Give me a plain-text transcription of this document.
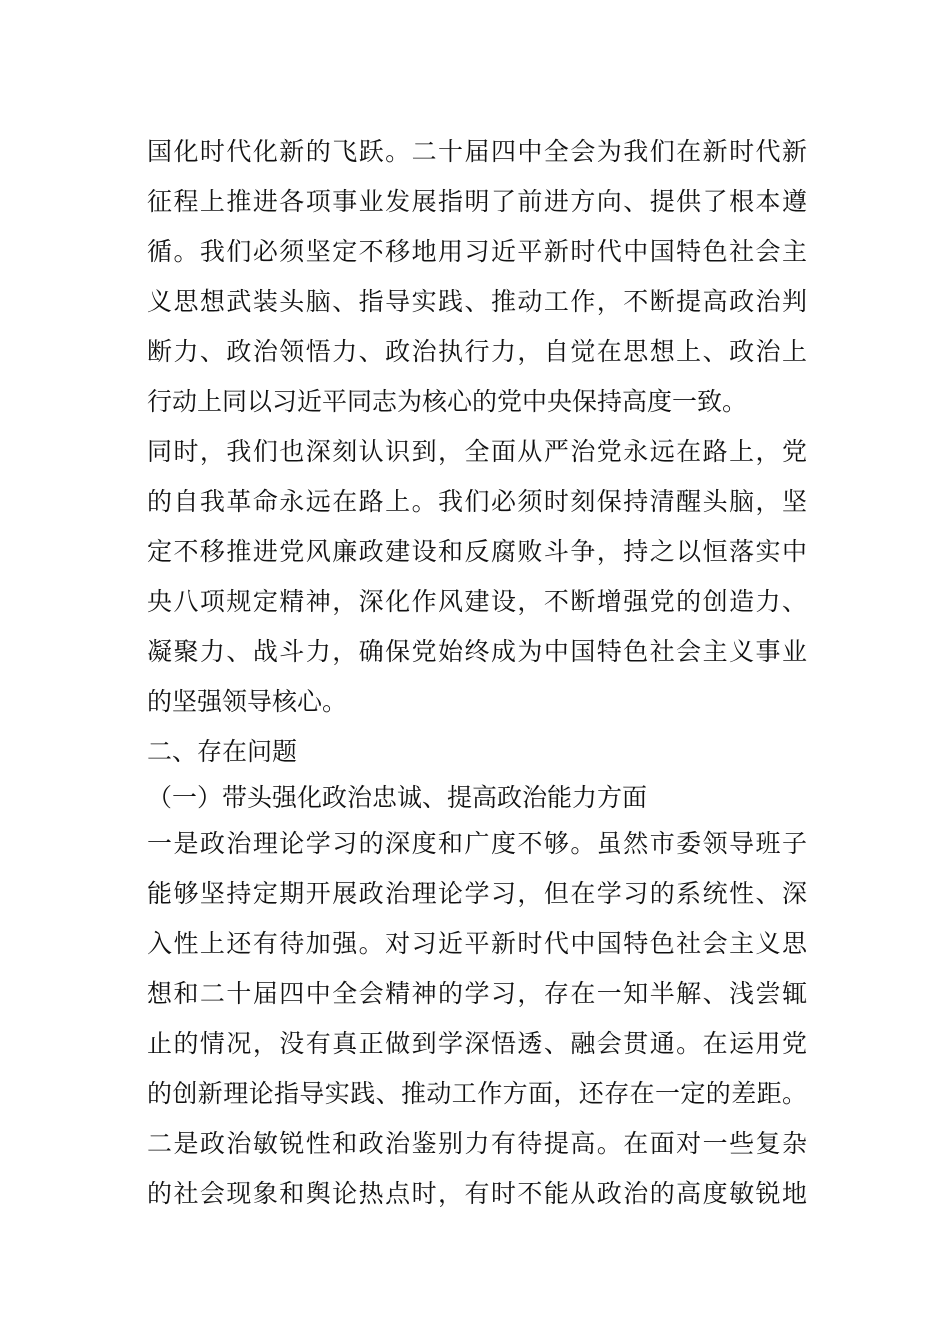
国化时代化新的飞跃。二十届四中全会为我们在新时代新
征程上推进各项事业发展指明了前进方向、提供了根本遵
循。我们必须坚定不移地用习近平新时代中国特色社会主
义思想武装头脑、指导实践、推动工作，不断提高政治判
断力、政治领悟力、政治执行力，自觉在思想上、政治上
行动上同以习近平同志为核心的党中央保持高度一致。
同时，我们也深刻认识到，全面从严治党永远在路上，党
的自我革命永远在路上。我们必须时刻保持清醒头脑，坚
定不移推进党风廉政建设和反腐败斗争，持之以恒落实中
央八项规定精神，深化作风建设，不断增强党的创造力、
凝聚力、战斗力，确保党始终成为中国特色社会主义事业
的坚强领导核心。
二、存在问题
（一）带头强化政治忠诚、提高政治能力方面
一是政治理论学习的深度和广度不够。虽然市委领导班子
能够坚持定期开展政治理论学习，但在学习的系统性、深
入性上还有待加强。对习近平新时代中国特色社会主义思
想和二十届四中全会精神的学习，存在一知半解、浅尝辄
止的情况，没有真正做到学深悟透、融会贯通。在运用党
的创新理论指导实践、推动工作方面，还存在一定的差距。
二是政治敏锐性和政治鉴别力有待提高。在面对一些复杂
的社会现象和舆论热点时，有时不能从政治的高度敏锐地
